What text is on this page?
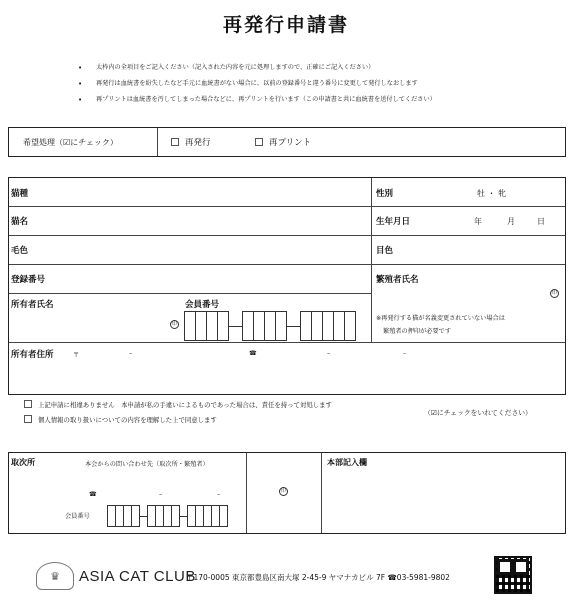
再発行申請書
• 太枠内の全項目をご記入ください（記入された内容を元に処理しますので、正確にご記入ください）
• 再発行は血統書を紛失したなど手元に血統書がない場合に、以前の登録番号と違う番号に変更して発行しなおします
• 再プリントは血統書を汚してしまった場合などに、再プリントを行います（この申請書と共に血統書を送付してください）
希望処理（☑にチェック）	再発行	再プリント
猫種	性別	牡 ・ 牝
猫名	生年月日	年	月	日
毛色	目色
登録番号	繁殖者氏名
印
※再発行する猫が名義変更されていない場合は
繁殖者の押印が必要です
所有者氏名	会員番号
印
所有者住所	〒	–	☎	–	–
上記申請に相違ありません　本申請が私の手違いによるものであった場合は、責任を持って対処します
個人情報の取り扱いについての内容を理解した上で同意します
（☑にチェックをいれてください）
取次所	本会からの問い合わせ先（取次所・繁殖者）
☎	–	–
会員番号
印
本部記入欄
♛	ASIA CAT CLUB
〒170-0005 東京都豊島区南大塚 2-45-9 ヤマナカビル 7F ☎03-5981-9802
